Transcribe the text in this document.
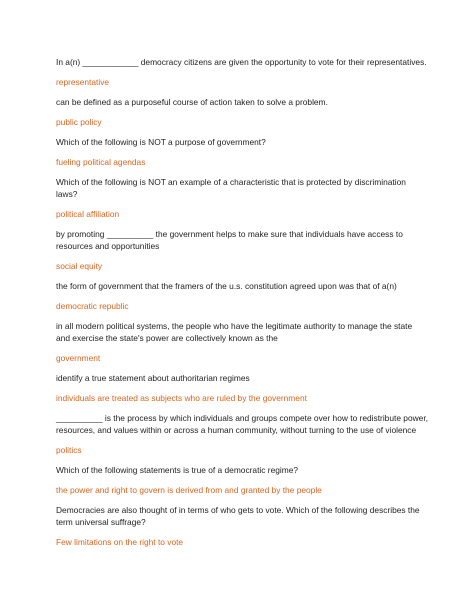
In a(n) ____________ democracy citizens are given the opportunity to vote for their representatives.

representative

can be defined as a purposeful course of action taken to solve a problem.

public policy

Which of the following is NOT a purpose of government?

fueling political agendas

Which of the following is NOT an example of a characteristic that is protected by discrimination laws?

political affiliation

by promoting __________ the government helps to make sure that individuals have access to resources and opportunities

social equity

the form of government that the framers of the u.s. constitution agreed upon was that of a(n)

democratic republic

in all modern political systems, the people who have the legitimate authority to manage the state and exercise the state's power are collectively known as the

government

identify a true statement about authoritarian regimes

individuals are treated as subjects who are ruled by the government

__________ is the process by which individuals and groups compete over how to redistribute power, resources, and values within or across a human community, without turning to the use of violence

politics

Which of the following statements is true of a democratic regime?

the power and right to govern is derived from and granted by the people

Democracies are also thought of in terms of who gets to vote. Which of the following describes the term universal suffrage?

Few limitations on the right to vote
